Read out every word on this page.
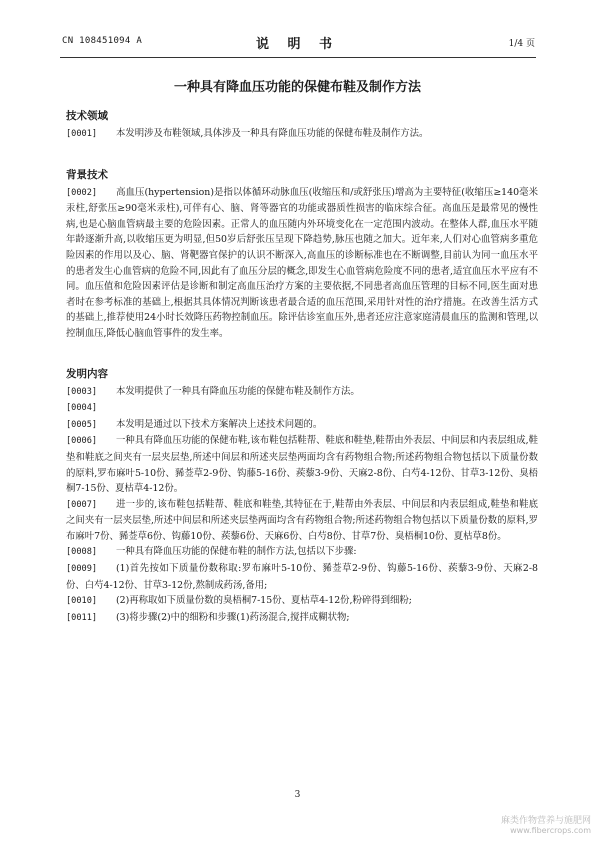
CN 108451094 A	说 明 书	1/4 页
一种具有降血压功能的保健布鞋及制作方法
技术领域

[0001] 本发明涉及布鞋领域,具体涉及一种具有降血压功能的保健布鞋及制作方法。

背景技术

[0002] 高血压(hypertension)是指以体循环动脉血压(收缩压和/或舒张压)增高为主要特征(收缩压≥140毫米汞柱,舒张压≥90毫米汞柱),可伴有心、脑、肾等器官的功能或器质性损害的临床综合征。高血压是最常见的慢性病,也是心脑血管病最主要的危险因素。正常人的血压随内外环境变化在一定范围内波动。在整体人群,血压水平随年龄逐渐升高,以收缩压更为明显,但50岁后舒张压呈现下降趋势,脉压也随之加大。近年来,人们对心血管病多重危险因素的作用以及心、脑、肾靶器官保护的认识不断深入,高血压的诊断标准也在不断调整,目前认为同一血压水平的患者发生心血管病的危险不同,因此有了血压分层的概念,即发生心血管病危险度不同的患者,适宜血压水平应有不同。血压值和危险因素评估是诊断和制定高血压治疗方案的主要依据,不同患者高血压管理的目标不同,医生面对患者时在参考标准的基础上,根据其具体情况判断该患者最合适的血压范围,采用针对性的治疗措施。在改善生活方式的基础上,推荐使用24小时长效降压药物控制血压。除评估诊室血压外,患者还应注意家庭清晨血压的监测和管理,以控制血压,降低心脑血管事件的发生率。

发明内容

[0003] 本发明提供了一种具有降血压功能的保健布鞋及制作方法。

[0004]

[0005] 本发明是通过以下技术方案解决上述技术问题的。

[0006] 一种具有降血压功能的保健布鞋,该布鞋包括鞋帮、鞋底和鞋垫,鞋帮由外表层、中间层和内表层组成,鞋垫和鞋底之间夹有一层夹层垫,所述中间层和所述夹层垫两面均含有药物组合物;所述药物组合物包括以下质量份数的原料,罗布麻叶5-10份、豨莶草2-9份、钩藤5-16份、蒺藜3-9份、天麻2-8份、白芍4-12份、甘草3-12份、臭梧桐7-15份、夏枯草4-12份。

[0007] 进一步的,该布鞋包括鞋帮、鞋底和鞋垫,其特征在于,鞋帮由外表层、中间层和内表层组成,鞋垫和鞋底之间夹有一层夹层垫,所述中间层和所述夹层垫两面均含有药物组合物;所述药物组合物包括以下质量份数的原料,罗布麻叶7份、豨莶草6份、钩藤10份、蒺藜6份、天麻6份、白芍8份、甘草7份、臭梧桐10份、夏枯草8份。

[0008] 一种具有降血压功能的保健布鞋的制作方法,包括以下步骤:

[0009] (1)首先按如下质量份数称取:罗布麻叶5-10份、豨莶草2-9份、钩藤5-16份、蒺藜3-9份、天麻2-8份、白芍4-12份、甘草3-12份,熬制成药汤,备用;

[0010] (2)再称取如下质量份数的臭梧桐7-15份、夏枯草4-12份,粉碎得到细粉;

[0011] (3)将步骤(2)中的细粉和步骤(1)药汤混合,搅拌成糊状物;

3
麻类作物营养与施肥网
www.fibercrops.com
